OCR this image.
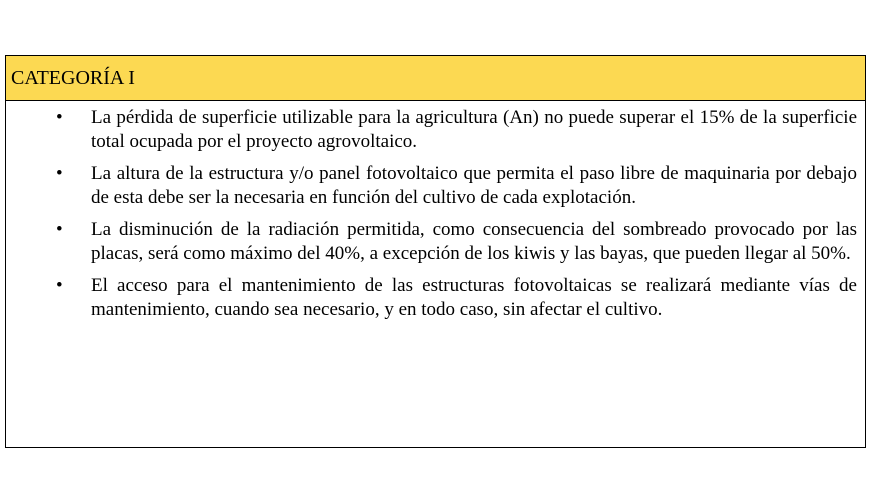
CATEGORÍA I
• La pérdida de superficie utilizable para la agricultura (An) no puede superar el 15% de la superficie total ocupada por el proyecto agrovoltaico.
• La altura de la estructura y/o panel fotovoltaico que permita el paso libre de maquinaria por debajo de esta debe ser la necesaria en función del cultivo de cada explotación.
• La disminución de la radiación permitida, como consecuencia del sombreado provocado por las placas, será como máximo del 40%, a excepción de los kiwis y las bayas, que pueden llegar al 50%.
• El acceso para el mantenimiento de las estructuras fotovoltaicas se realizará mediante vías de mantenimiento, cuando sea necesario, y en todo caso, sin afectar el cultivo.
